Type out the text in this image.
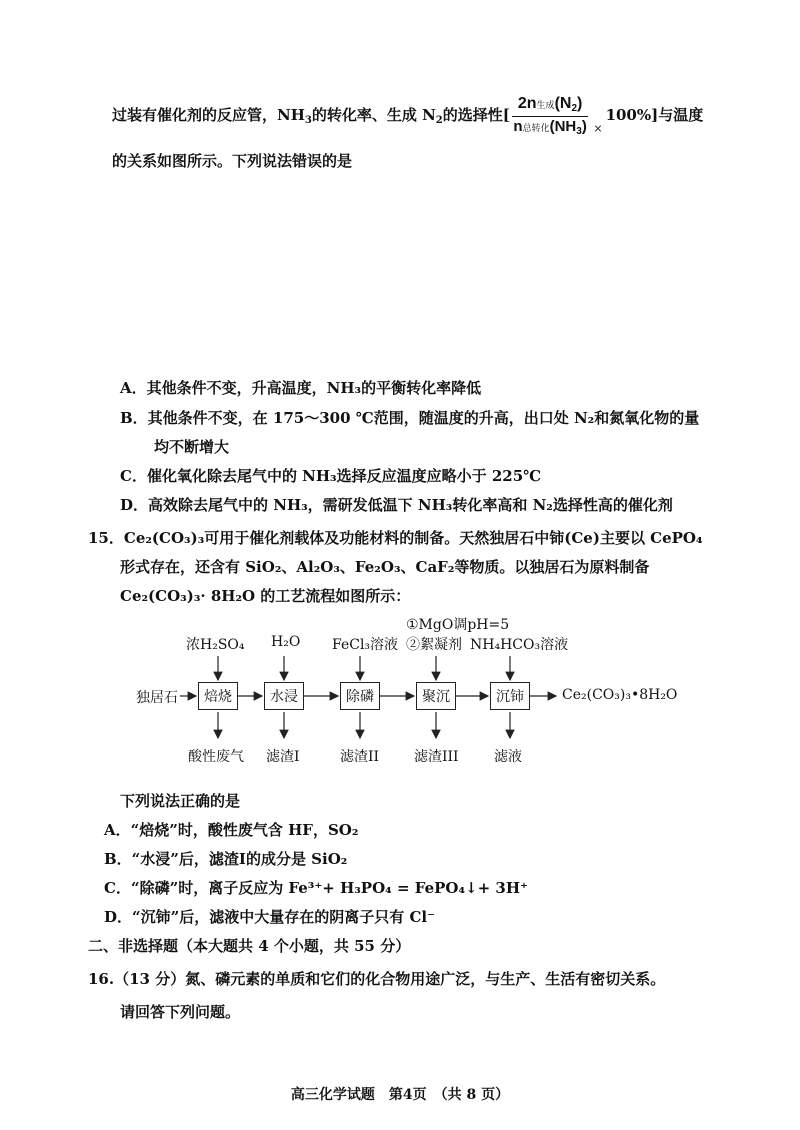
过装有催化剂的反应管，$NH_3$的转化率、生成 $N_2$的选择性[ $\frac{2n生成(N_2)}{n总转化(NH_3)} _\times 100\%$]与温度
的关系如图所示。下列说法错误的是
A．其他条件不变，升高温度，NH₃的平衡转化率降低
B．其他条件不变，在 175～300 ℃范围，随温度的升高，出口处 N₂和氮氧化物的量
均不断增大
C．催化氧化除去尾气中的 NH₃选择反应温度应略小于 225℃
D．高效除去尾气中的 NH₃，需研发低温下 NH₃转化率高和 N₂选择性高的催化剂
15．Ce₂(CO₃)₃可用于催化剂载体及功能材料的制备。天然独居石中铈(Ce)主要以 CePO₄
形式存在，还含有 SiO₂、Al₂O₃、Fe₂O₃、CaF₂等物质。以独居石为原料制备
Ce₂(CO₃)₃· 8H₂O 的工艺流程如图所示：
独居石	焙烧	水浸	除磷	聚沉	沉铈	Ce₂(CO₃)₃•8H₂O
浓H₂SO₄ H₂O FeCl₃溶液
①MgO调pH=5
②絮凝剂 NH₄HCO₃溶液
酸性废气 滤渣I	滤渣II 滤渣III	滤液
下列说法正确的是
A．“焙烧”时，酸性废气含 HF，SO₂
B．“水浸”后，滤渣Ⅰ的成分是 SiO₂
C．“除磷”时，离子反应为 Fe³⁺+ H₃PO₄ = FePO₄↓+ 3H⁺
D．“沉铈”后，滤液中大量存在的阴离子只有 Cl⁻
二、非选择题（本大题共 4 个小题，共 55 分）
16.（13 分）氮、磷元素的单质和它们的化合物用途广泛，与生产、生活有密切关系。
请回答下列问题。
高三化学试题　第4页　（共 8 页）
